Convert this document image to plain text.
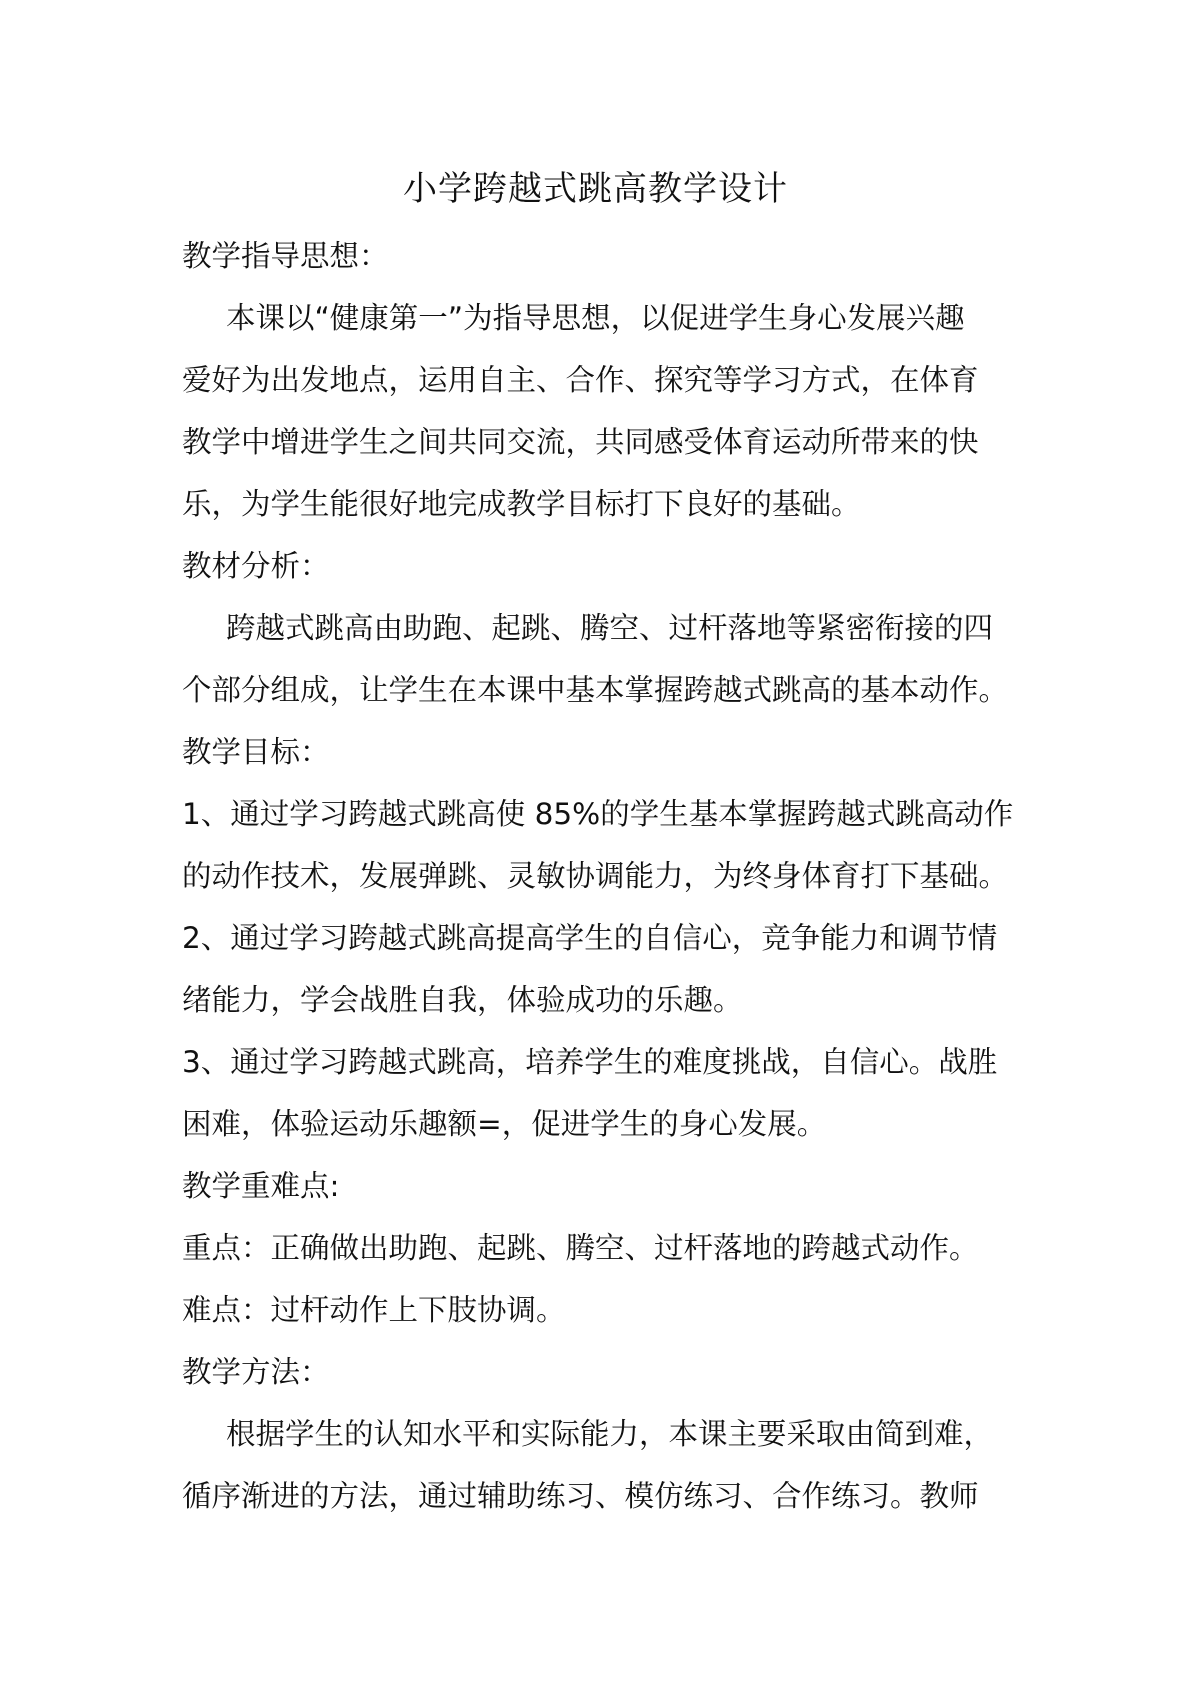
小学跨越式跳高教学设计
教学指导思想：
本课以“健康第一”为指导思想，以促进学生身心发展兴趣
爱好为出发地点，运用自主、合作、探究等学习方式，在体育
教学中增进学生之间共同交流，共同感受体育运动所带来的快
乐，为学生能很好地完成教学目标打下良好的基础。
教材分析：
跨越式跳高由助跑、起跳、腾空、过杆落地等紧密衔接的四
个部分组成，让学生在本课中基本掌握跨越式跳高的基本动作。
教学目标：
1、通过学习跨越式跳高使 85%的学生基本掌握跨越式跳高动作
的动作技术，发展弹跳、灵敏协调能力，为终身体育打下基础。
2、通过学习跨越式跳高提高学生的自信心，竞争能力和调节情
绪能力，学会战胜自我，体验成功的乐趣。
3、通过学习跨越式跳高，培养学生的难度挑战，自信心。战胜
困难，体验运动乐趣额=，促进学生的身心发展。
教学重难点:
重点：正确做出助跑、起跳、腾空、过杆落地的跨越式动作。
难点：过杆动作上下肢协调。
教学方法：
根据学生的认知水平和实际能力，本课主要采取由简到难，
循序渐进的方法，通过辅助练习、模仿练习、合作练习。教师
